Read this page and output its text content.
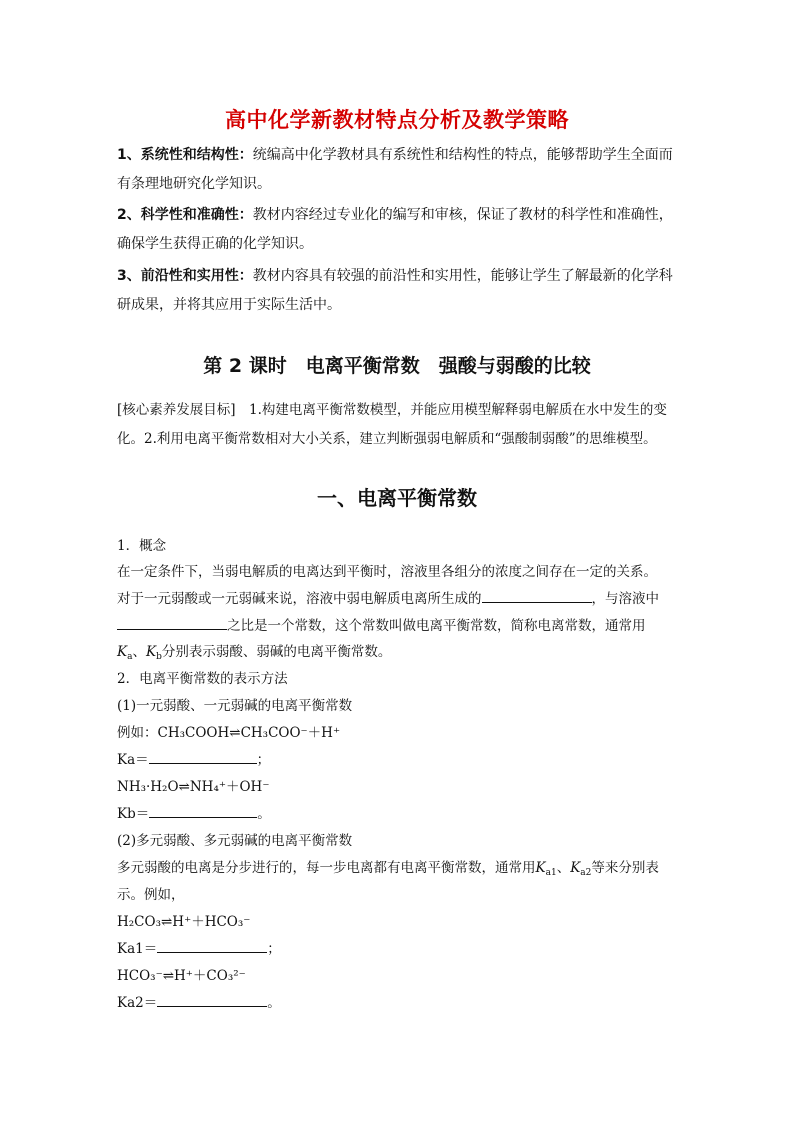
高中化学新教材特点分析及教学策略
1、系统性和结构性：统编高中化学教材具有系统性和结构性的特点，能够帮助学生全面而有条理地研究化学知识。
2、科学性和准确性：教材内容经过专业化的编写和审核，保证了教材的科学性和准确性，确保学生获得正确的化学知识。
3、前沿性和实用性：教材内容具有较强的前沿性和实用性，能够让学生了解最新的化学科研成果，并将其应用于实际生活中。
第 2 课时　电离平衡常数　强酸与弱酸的比较
[核心素养发展目标]　1.构建电离平衡常数模型，并能应用模型解释弱电解质在水中发生的变化。2.利用电离平衡常数相对大小关系，建立判断强弱电解质和“强酸制弱酸”的思维模型。
一、电离平衡常数
1．概念
在一定条件下，当弱电解质的电离达到平衡时，溶液里各组分的浓度之间存在一定的关系。
对于一元弱酸或一元弱碱来说，溶液中弱电解质电离所生成的	，与溶液中
之比是一个常数，这个常数叫做电离平衡常数，简称电离常数，通常用
$K_a$、$K_b$分别表示弱酸、弱碱的电离平衡常数。
2．电离平衡常数的表示方法
(1)一元弱酸、一元弱碱的电离平衡常数
例如：CH₃COOH⇌CH₃COO⁻＋H⁺
Ka＝	；
NH₃·H₂O⇌NH₄⁺＋OH⁻
Kb＝	。
(2)多元弱酸、多元弱碱的电离平衡常数
多元弱酸的电离是分步进行的，每一步电离都有电离平衡常数，通常用$K_{a1}$、$K_{a2}$等来分别表
示。例如，
H₂CO₃⇌H⁺＋HCO₃⁻
Ka1＝	；
HCO₃⁻⇌H⁺＋CO₃²⁻
Ka2＝	。
